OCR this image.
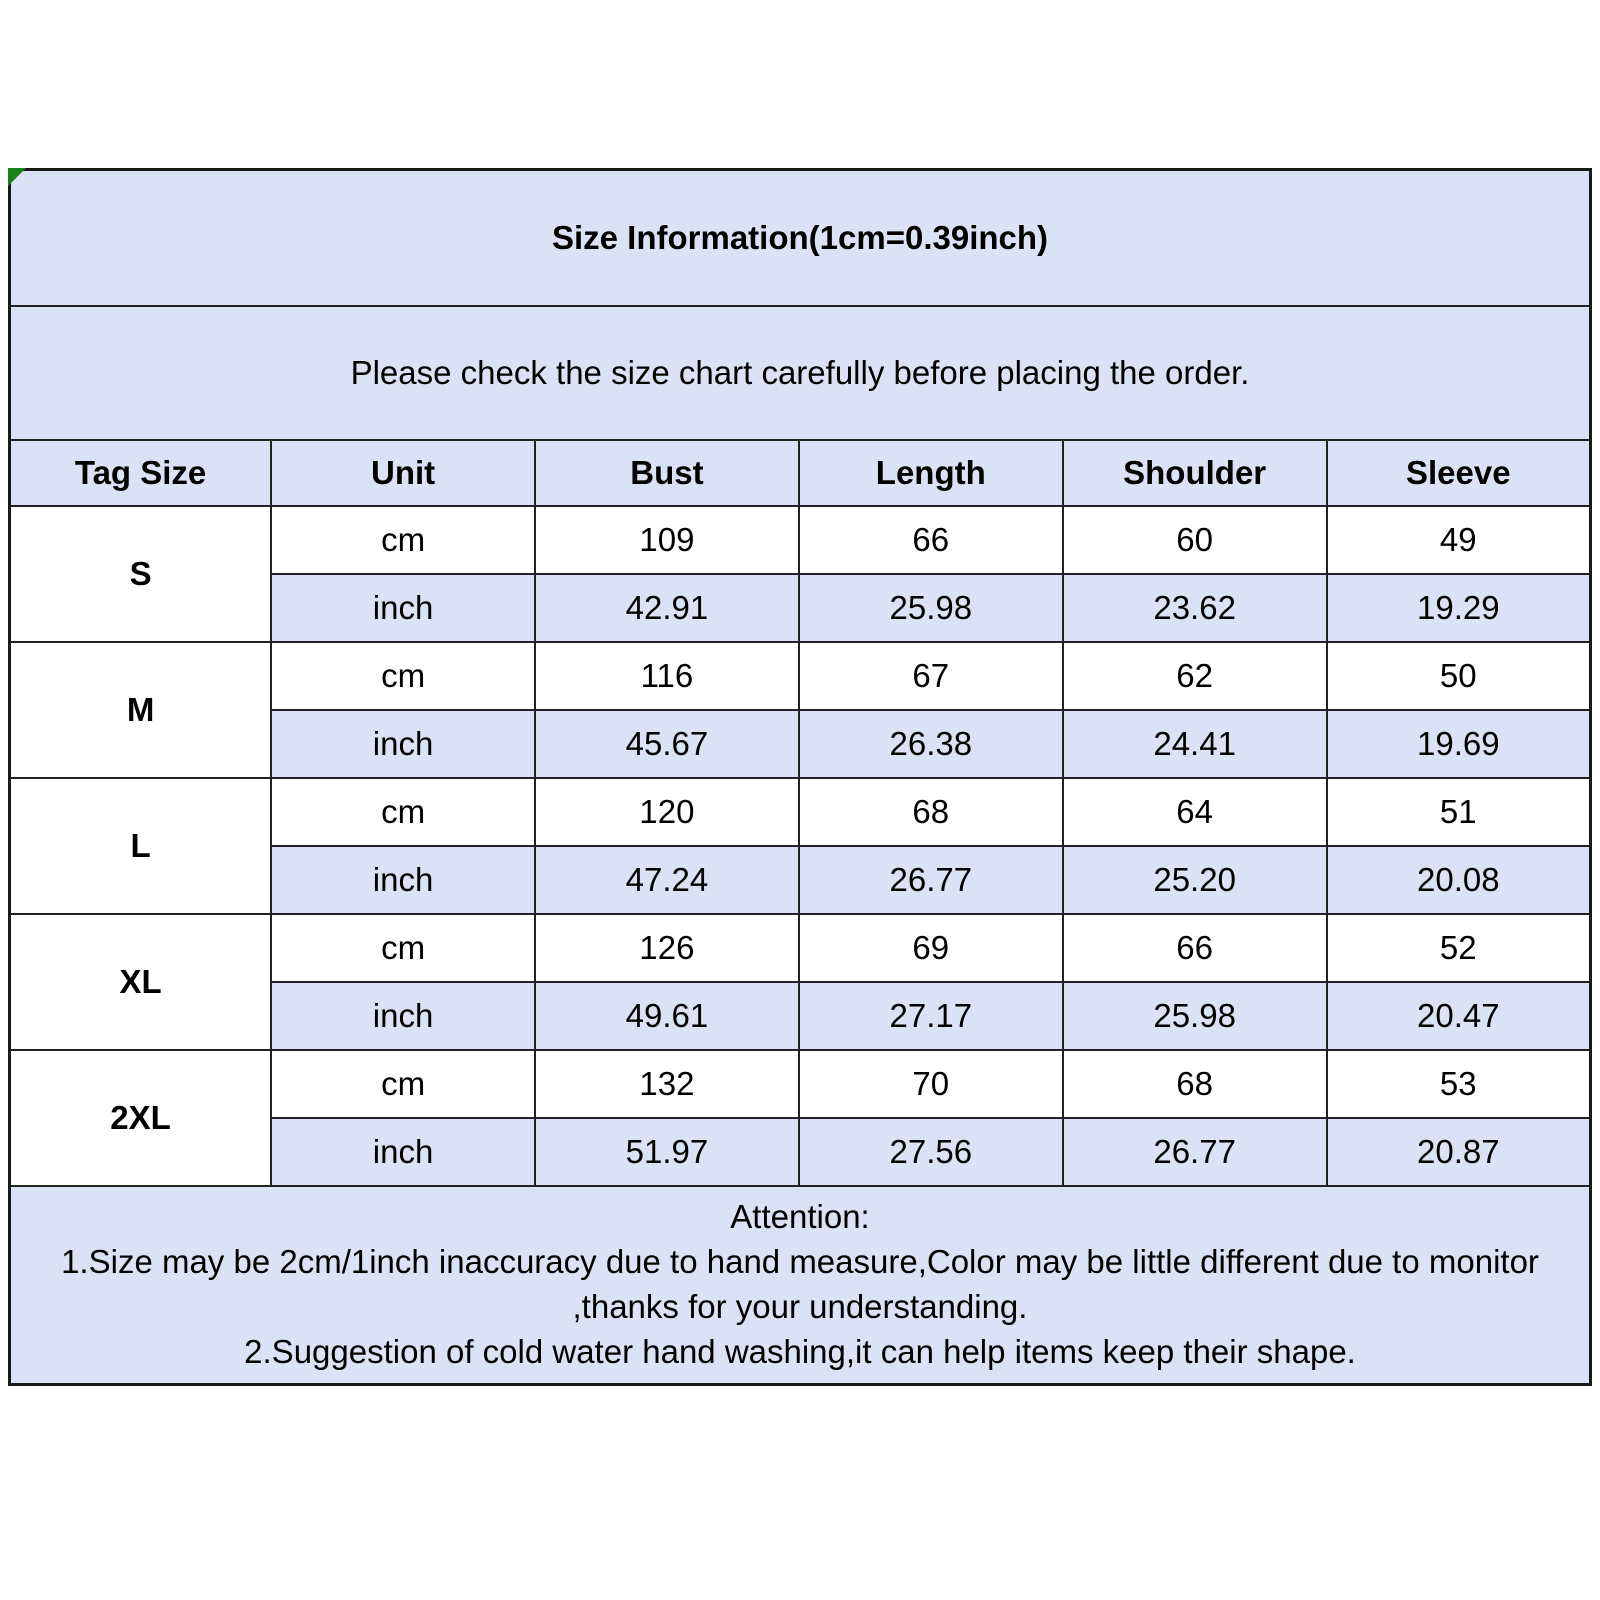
Size Information(1cm=0.39inch)					
Please check the size chart carefully before placing the order.					
Tag Size	Unit	Bust	Length	Shoulder	Sleeve
S	cm	109	66	60	49
	inch	42.91	25.98	23.62	19.29
M	cm	116	67	62	50
	inch	45.67	26.38	24.41	19.69
L	cm	120	68	64	51
	inch	47.24	26.77	25.20	20.08
XL	cm	126	69	66	52
	inch	49.61	27.17	25.98	20.47
2XL	cm	132	70	68	53
	inch	51.97	27.56	26.77	20.87

Attention:

1.Size may be 2cm/1inch inaccuracy due to hand measure,Color may be little different due to monitor ,thanks for your understanding.

2.Suggestion of cold water hand washing,it can help items keep their shape.					
